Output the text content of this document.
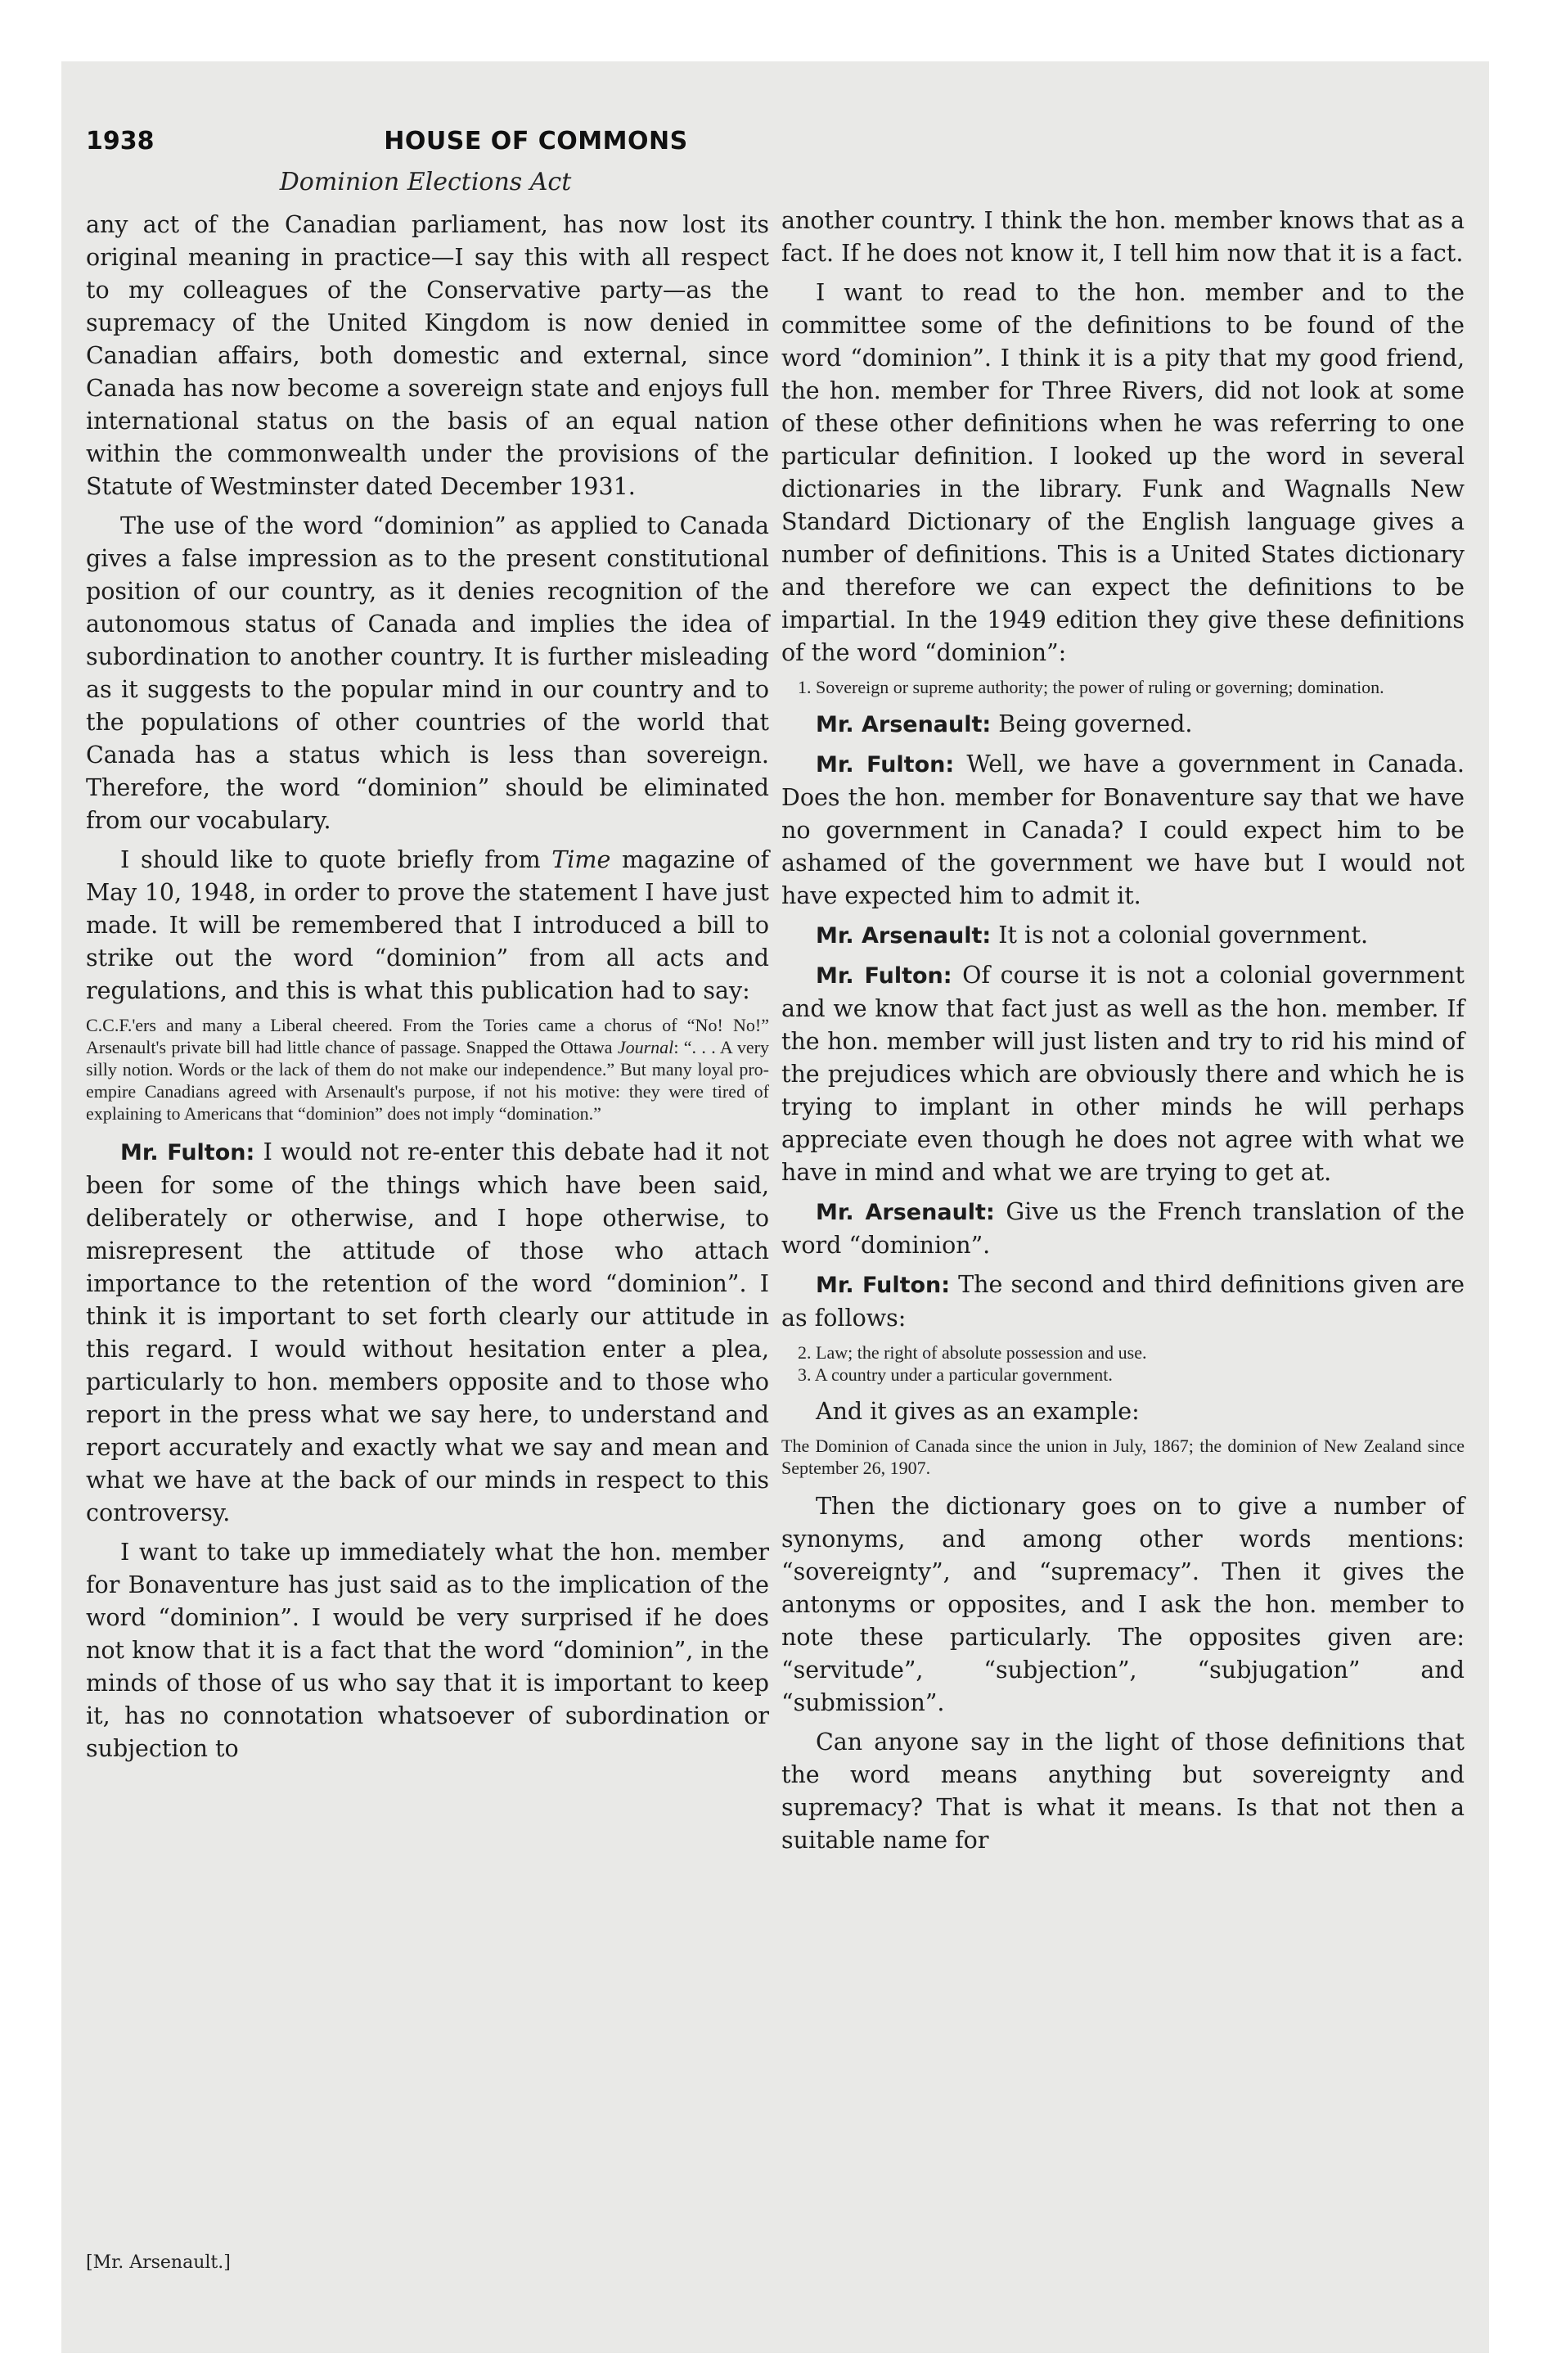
1938	HOUSE OF COMMONS
Dominion Elections Act

any act of the Canadian parliament, has now lost its original meaning in practice—I say this with all respect to my colleagues of the Conservative party—as the supremacy of the United Kingdom is now denied in Canadian affairs, both domestic and external, since Canada has now become a sovereign state and enjoys full international status on the basis of an equal nation within the commonwealth under the provisions of the Statute of Westminster dated December 1931.

The use of the word “dominion” as applied to Canada gives a false impression as to the present constitutional position of our country, as it denies recognition of the autonomous status of Canada and implies the idea of subordination to another country. It is further misleading as it suggests to the popular mind in our country and to the populations of other countries of the world that Canada has a status which is less than sovereign. Therefore, the word “dominion” should be eliminated from our vocabulary.

I should like to quote briefly from Time magazine of May 10, 1948, in order to prove the statement I have just made. It will be remembered that I introduced a bill to strike out the word “dominion” from all acts and regulations, and this is what this publication had to say:

C.C.F.'ers and many a Liberal cheered. From the Tories came a chorus of “No! No!” Arsenault's private bill had little chance of passage. Snapped the Ottawa Journal: “. . . A very silly notion. Words or the lack of them do not make our independence.” But many loyal pro-empire Canadians agreed with Arsenault's purpose, if not his motive: they were tired of explaining to Americans that “dominion” does not imply “domination.”

Mr. Fulton: I would not re-enter this debate had it not been for some of the things which have been said, deliberately or otherwise, and I hope otherwise, to misrepresent the attitude of those who attach importance to the retention of the word “dominion”. I think it is important to set forth clearly our attitude in this regard. I would without hesitation enter a plea, particularly to hon. members opposite and to those who report in the press what we say here, to understand and report accurately and exactly what we say and mean and what we have at the back of our minds in respect to this controversy.

I want to take up immediately what the hon. member for Bonaventure has just said as to the implication of the word “dominion”. I would be very surprised if he does not know that it is a fact that the word “dominion”, in the minds of those of us who say that it is important to keep it, has no connotation whatsoever of subordination or subjection to

another country. I think the hon. member knows that as a fact. If he does not know it, I tell him now that it is a fact.

I want to read to the hon. member and to the committee some of the definitions to be found of the word “dominion”. I think it is a pity that my good friend, the hon. member for Three Rivers, did not look at some of these other definitions when he was referring to one particular definition. I looked up the word in several dictionaries in the library. Funk and Wagnalls New Standard Dictionary of the English language gives a number of definitions. This is a United States dictionary and therefore we can expect the definitions to be impartial. In the 1949 edition they give these definitions of the word “dominion”:

1. Sovereign or supreme authority; the power of ruling or governing; domination.

Mr. Arsenault: Being governed.

Mr. Fulton: Well, we have a government in Canada. Does the hon. member for Bonaventure say that we have no government in Canada? I could expect him to be ashamed of the government we have but I would not have expected him to admit it.

Mr. Arsenault: It is not a colonial government.

Mr. Fulton: Of course it is not a colonial government and we know that fact just as well as the hon. member. If the hon. member will just listen and try to rid his mind of the prejudices which are obviously there and which he is trying to implant in other minds he will perhaps appreciate even though he does not agree with what we have in mind and what we are trying to get at.

Mr. Arsenault: Give us the French translation of the word “dominion”.

Mr. Fulton: The second and third definitions given are as follows:

2. Law; the right of absolute possession and use.
3. A country under a particular government.

And it gives as an example:

The Dominion of Canada since the union in July, 1867; the dominion of New Zealand since September 26, 1907.

Then the dictionary goes on to give a number of synonyms, and among other words mentions: “sovereignty”, and “supremacy”. Then it gives the antonyms or opposites, and I ask the hon. member to note these particularly. The opposites given are: “servitude”, “subjection”, “subjugation” and “submission”.

Can anyone say in the light of those definitions that the word means anything but sovereignty and supremacy? That is what it means. Is that not then a suitable name for

[Mr. Arsenault.]
